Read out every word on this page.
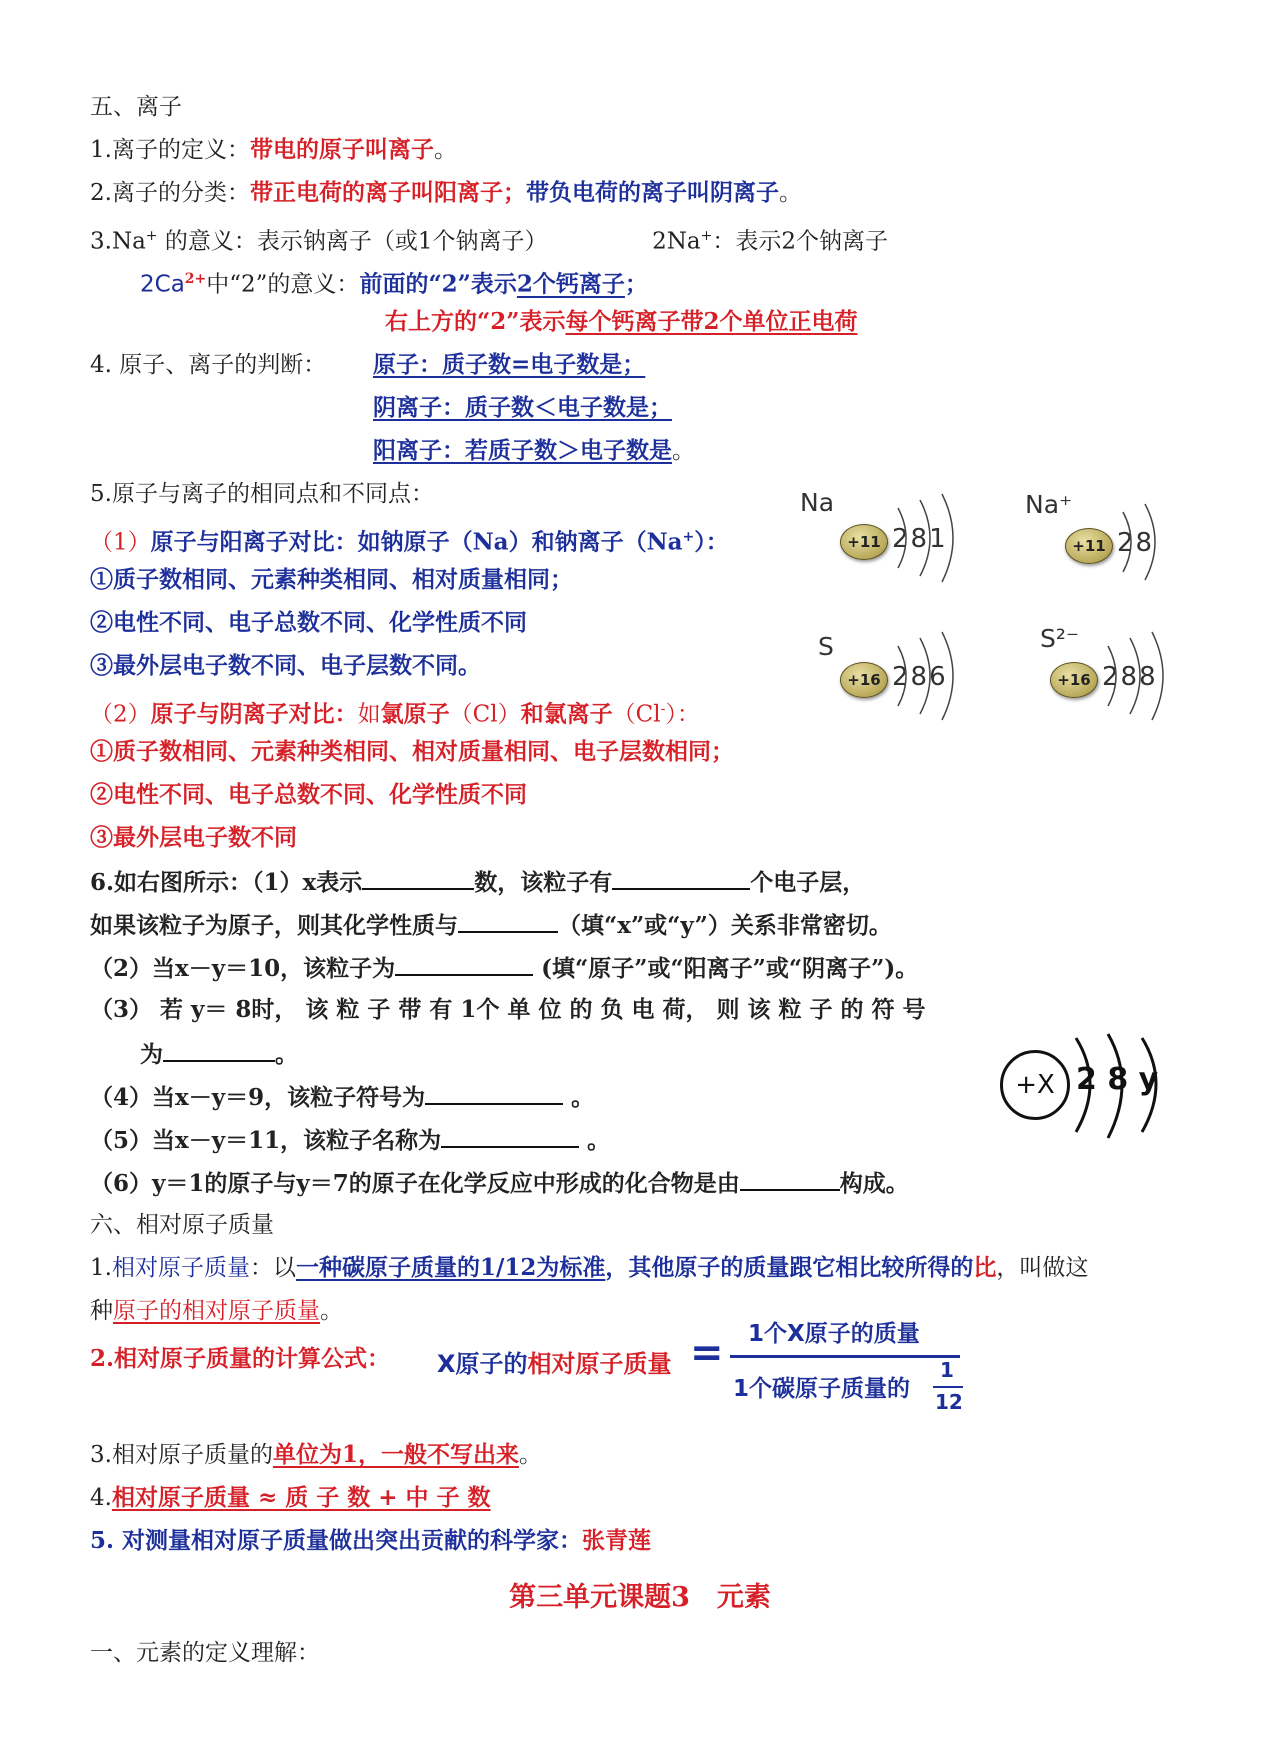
五、离子
1.离子的定义：带电的原子叫离子。
2.离子的分类：带正电荷的离子叫阳离子；带负电荷的离子叫阴离子。
3.Na+ 的意义：表示钠离子（或1个钠离子）	2Na+：表示2个钠离子
$2Ca^{2+}$中“2”的意义：前面的“2”表示2个钙离子；
右上方的“2”表示每个钙离子带2个单位正电荷
4. 原子、离子的判断： 原子：质子数=电子数是；
阴离子：质子数＜电子数是；
阳离子：若质子数＞电子数是。
5.原子与离子的相同点和不同点：
（1）原子与阳离子对比：如钠原子（Na）和钠离子（Na+）：
①质子数相同、元素种类相同、相对质量相同；
②电性不同、电子总数不同、化学性质不同
③最外层电子数不同、电子层数不同。
（2）原子与阴离子对比：如氯原子（Cl）和氯离子（Cl-）：
①质子数相同、元素种类相同、相对质量相同、电子层数相同；
②电性不同、电子总数不同、化学性质不同
③最外层电子数不同
Na
+11 281
Na⁺
+11 28
S
+16 286
S²⁻
+16 288
6.如右图所示：（1）x表示	数，该粒子有	个电子层，
如果该粒子为原子，则其化学性质与	（填“x”或“y”）关系非常密切。
（2）当x－y＝10，该粒子为	(填“原子”或“阳离子”或“阴离子”)。
（3） 若 y＝ 8时， 该 粒 子 带 有 1个 单 位 的 负 电 荷， 则 该 粒 子 的 符 号
为	。
（4）当x－y＝9，该粒子符号为	。
（5）当x－y＝11，该粒子名称为	。
（6）y＝1的原子与y＝7的原子在化学反应中形成的化合物是由	构成。
+X 2 8 y
六、相对原子质量
1.相对原子质量：以一种碳原子质量的1/12为标准，其他原子的质量跟它相比较所得的比，叫做这
种原子的相对原子质量。
2.相对原子质量的计算公式： X原子的相对原子质量 = 1个X原子的质量
1个碳原子质量的
1
12
3.相对原子质量的单位为1，一般不写出来。
4.相对原子质量 ≈ 质 子 数 + 中 子 数
5. 对测量相对原子质量做出突出贡献的科学家：张青莲
第三单元课题3　元素
一、元素的定义理解：
